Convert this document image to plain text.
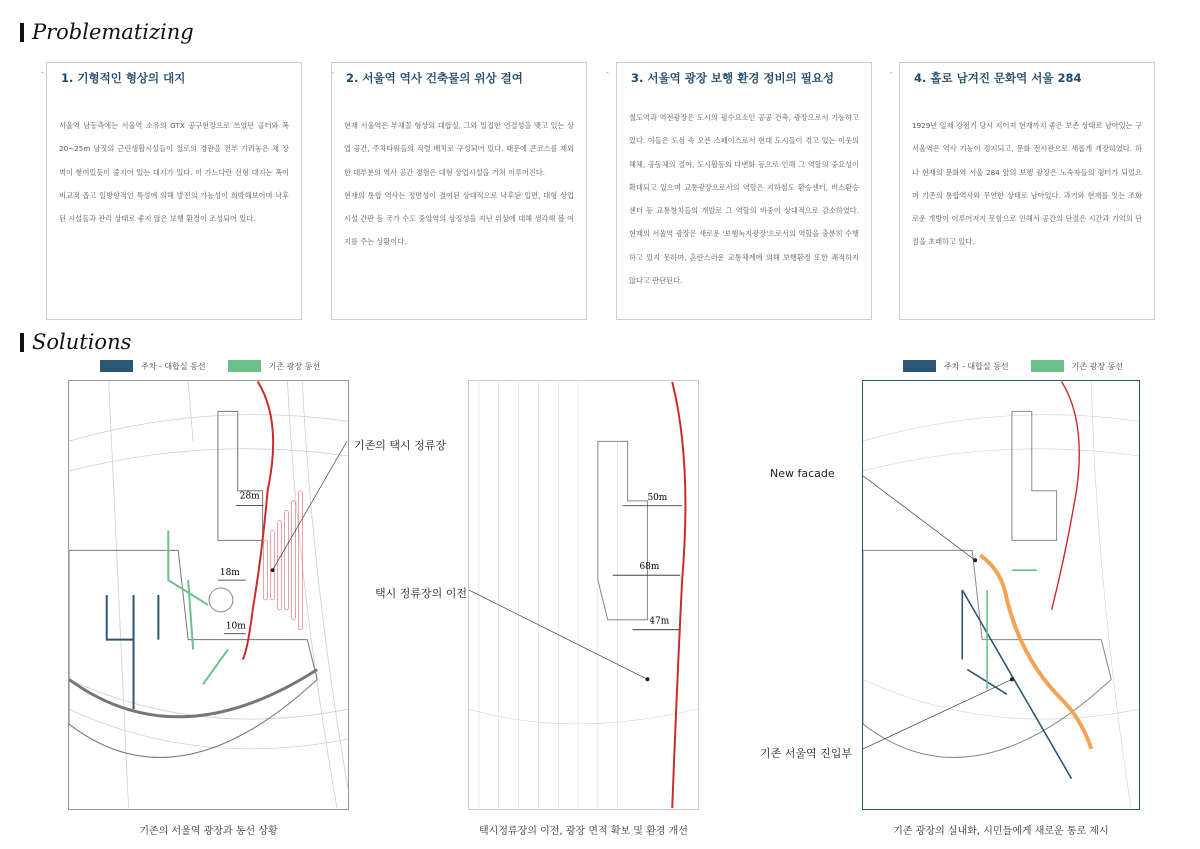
Problematizing
Solutions
- 1. 기형적인 형상의 대지

서울역 남동측에는 서울역 소유의 GTX 공구현장으로 쓰였던 골터와 폭 20~25m 남짓의 근린생활시설들이 철로의 경관을 전부 가려놓은 채 장벽이 쌓여있듯이 줄지어 있는 대지가 있다. 이 가느다란 선형 대지는 폭이 비교적 좁고 일방향적인 특성에 의해 발전의 가능성이 희박해보이며 낙후된 시설들과 관리 상태로 좋지 않은 보행 환경이 조성되어 있다.

- 2. 서울역 역사 건축물의 위상 결여

현재 서울역은 부채꼴 형상의 대합실, 그와 밀접한 연결성을 맺고 있는 상업 공간, 주차타워들의 직렬 배치로 구성되어 있다. 때문에 콘코스를 제외한 대부분의 역사 공간 경험은 대형 상업시설을 거쳐 이루어진다.

현재의 통합 역사는 정면성이 결여된 상대적으로 낙후된 입면, 대형 상업 시설 간판 등 국가 수도 중앙역의 상징성을 지닌 위상에 대해 생각해 볼 여지를 주는 상황이다.

- 3. 서울역 광장 보행 환경 정비의 필요성

철도역과 역전광장은 도시의 필수요소인 공공 건축, 광장으로서 기능하고 있다. 이들은 도심 속 오픈 스페이스로서 현대 도시들이 겪고 있는 이웃의 해체, 공동체의 결여, 도시활동의 다변화 등으로 인해 그 역할의 중요성이 확대되고 있으며 교통광장으로서의 역할은 지하철도 환승센터, 버스환승센터 등 교통창치들의 개발로 그 역할의 비중이 상대적으로 감소하였다. 현재의 서울역 광장은 새로운 '보행녹지광장'으로서의 역할을 충분히 수행하고 있지 못하며, 혼란스러운 교통체계에 의해 보행환경 또한 쾌적하지 않다고 판단된다.

- 4. 홀로 남겨진 문화역 서울 284

1929년 일제 강점기 당시 지어져 현재까지 좋은 보존 상태로 남아있는 구 서울역은 역사 기능이 정지되고, 문화 전시관으로 새롭게 개장하였다. 하나 현재의 문화역 서울 284 앞의 보행 광장은 노숙자들의 쉼터가 되었으며 기존의 통합역사와 무연한 상태로 남아있다. 과거와 현재를 잇는 조화로운 개방이 이루어지지 못함으로 인해서 공간의 단절은 시간과 기억의 단절을 초래하고 있다.

주차 - 대합실 동선	기존 광장 동선	주차 - 대합실 동선	기존 광장 동선
28m
18m
10m
기존의 택시 정류장
50m
68m
47m
택시 정류장의 이전
New facade
기존 서울역 진입부
기존의 서울역 광장과 동선 상황	택시정류장의 이전, 광장 면적 확보 및 환경 개선	기존 광장의 실내화, 시민들에게 새로운 통로 제시
